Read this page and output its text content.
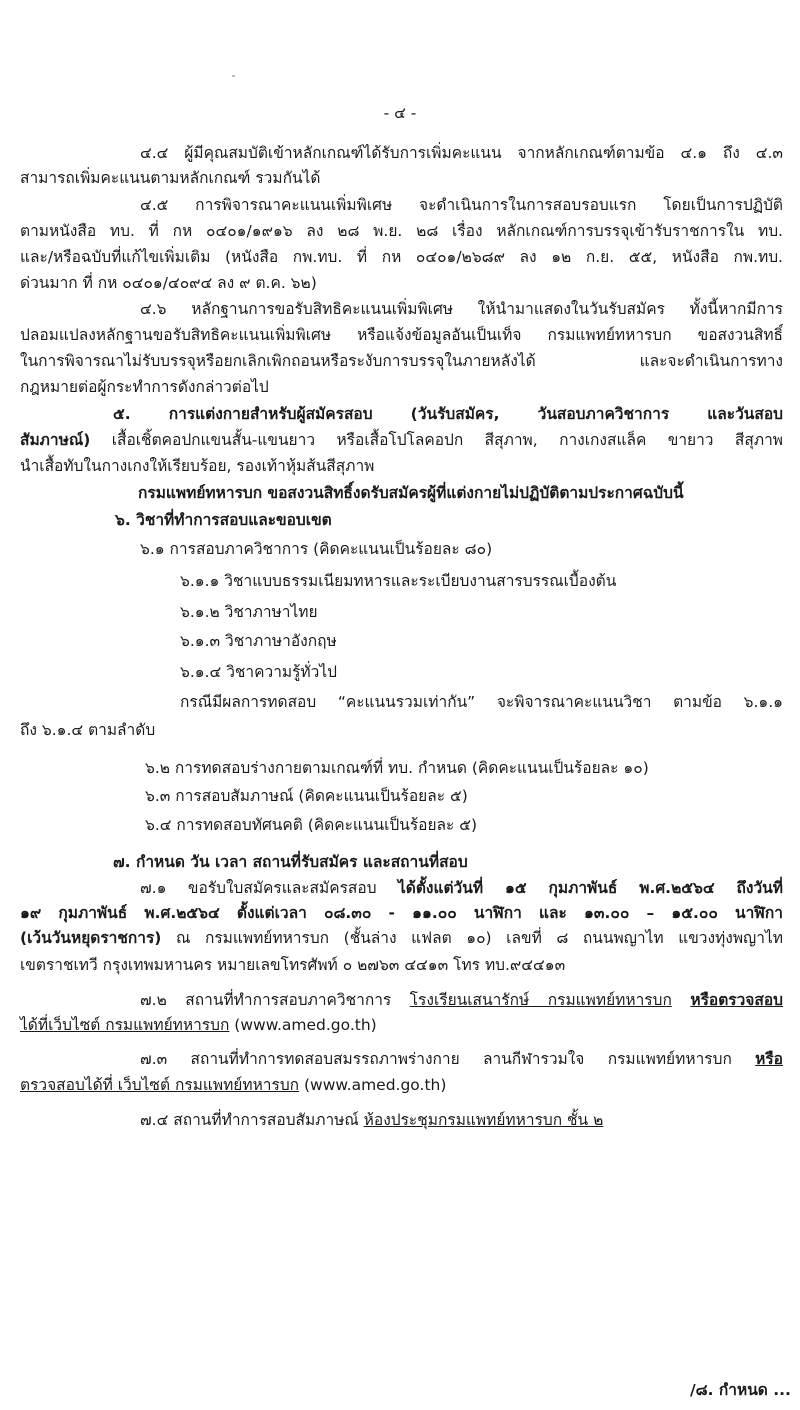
- ๔ -
๔.๔ ผู้มีคุณสมบัติเข้าหลักเกณฑ์ได้รับการเพิ่มคะแนน จากหลักเกณฑ์ตามข้อ ๔.๑ ถึง ๔.๓
สามารถเพิ่มคะแนนตามหลักเกณฑ์ รวมกันได้
๔.๕ การพิจารณาคะแนนเพิ่มพิเศษ จะดำเนินการในการสอบรอบแรก โดยเป็นการปฏิบัติ
ตามหนังสือ ทบ. ที่ กห ๐๔๐๑/๑๙๑๖ ลง ๒๘ พ.ย. ๒๘ เรื่อง หลักเกณฑ์การบรรจุเข้ารับราชการใน ทบ.
และ/หรือฉบับที่แก้ไขเพิ่มเติม (หนังสือ กพ.ทบ. ที่ กห ๐๔๐๑/๒๖๘๙ ลง ๑๒ ก.ย. ๕๕, หนังสือ กพ.ทบ.
ด่วนมาก ที่ กห ๐๔๐๑/๔๐๙๔ ลง ๙ ต.ค. ๖๒)
๔.๖ หลักฐานการขอรับสิทธิคะแนนเพิ่มพิเศษ ให้นำมาแสดงในวันรับสมัคร ทั้งนี้หากมีการ
ปลอมแปลงหลักฐานขอรับสิทธิคะแนนเพิ่มพิเศษ หรือแจ้งข้อมูลอันเป็นเท็จ กรมแพทย์ทหารบก ขอสงวนสิทธิ์
ในการพิจารณาไม่รับบรรจุหรือยกเลิกเพิกถอนหรือระงับการบรรจุในภายหลังได้ และจะดำเนินการทาง
กฎหมายต่อผู้กระทำการดังกล่าวต่อไป
๕. การแต่งกายสำหรับผู้สมัครสอบ (วันรับสมัคร, วันสอบภาควิชาการ และวันสอบ
สัมภาษณ์) เสื้อเชิ้ตคอปกแขนสั้น-แขนยาว หรือเสื้อโปโลคอปก สีสุภาพ, กางเกงสแล็ค ขายาว สีสุภาพ
นำเสื้อทับในกางเกงให้เรียบร้อย, รองเท้าหุ้มส้นสีสุภาพ
กรมแพทย์ทหารบก ขอสงวนสิทธิ์งดรับสมัครผู้ที่แต่งกายไม่ปฏิบัติตามประกาศฉบับนี้
๖. วิชาที่ทำการสอบและขอบเขต
๖.๑ การสอบภาควิชาการ (คิดคะแนนเป็นร้อยละ ๘๐)
๖.๑.๑ วิชาแบบธรรมเนียมทหารและระเบียบงานสารบรรณเบื้องต้น
๖.๑.๒ วิชาภาษาไทย
๖.๑.๓ วิชาภาษาอังกฤษ
๖.๑.๔ วิชาความรู้ทั่วไป
กรณีมีผลการทดสอบ “คะแนนรวมเท่ากัน” จะพิจารณาคะแนนวิชา ตามข้อ ๖.๑.๑
ถึง ๖.๑.๔ ตามลำดับ
๖.๒ การทดสอบร่างกายตามเกณฑ์ที่ ทบ. กำหนด (คิดคะแนนเป็นร้อยละ ๑๐)
๖.๓ การสอบสัมภาษณ์ (คิดคะแนนเป็นร้อยละ ๕)
๖.๔ การทดสอบทัศนคติ (คิดคะแนนเป็นร้อยละ ๕)
๗. กำหนด วัน เวลา สถานที่รับสมัคร และสถานที่สอบ
๗.๑ ขอรับใบสมัครและสมัครสอบ ได้ตั้งแต่วันที่ ๑๕ กุมภาพันธ์ พ.ศ.๒๕๖๔ ถึงวันที่
๑๙ กุมภาพันธ์ พ.ศ.๒๕๖๔ ตั้งแต่เวลา ๐๘.๓๐ - ๑๑.๐๐ นาฬิกา และ ๑๓.๐๐ – ๑๕.๐๐ นาฬิกา
(เว้นวันหยุดราชการ) ณ กรมแพทย์ทหารบก (ชั้นล่าง แฟลต ๑๐) เลขที่ ๘ ถนนพญาไท แขวงทุ่งพญาไท
เขตราชเทวี กรุงเทพมหานคร หมายเลขโทรศัพท์ ๐ ๒๗๖๓ ๔๔๑๓ โทร ทบ.๙๔๔๑๓
๗.๒ สถานที่ทำการสอบภาควิชาการ โรงเรียนเสนารักษ์ กรมแพทย์ทหารบก หรือตรวจสอบ
ได้ที่เว็บไซต์ กรมแพทย์ทหารบก (www.amed.go.th)
๗.๓ สถานที่ทำการทดสอบสมรรถภาพร่างกาย ลานกีฬารวมใจ กรมแพทย์ทหารบก หรือ
ตรวจสอบได้ที่ เว็บไซต์ กรมแพทย์ทหารบก (www.amed.go.th)
๗.๔ สถานที่ทำการสอบสัมภาษณ์ ห้องประชุมกรมแพทย์ทหารบก ชั้น ๒
/๘. กำหนด ...
